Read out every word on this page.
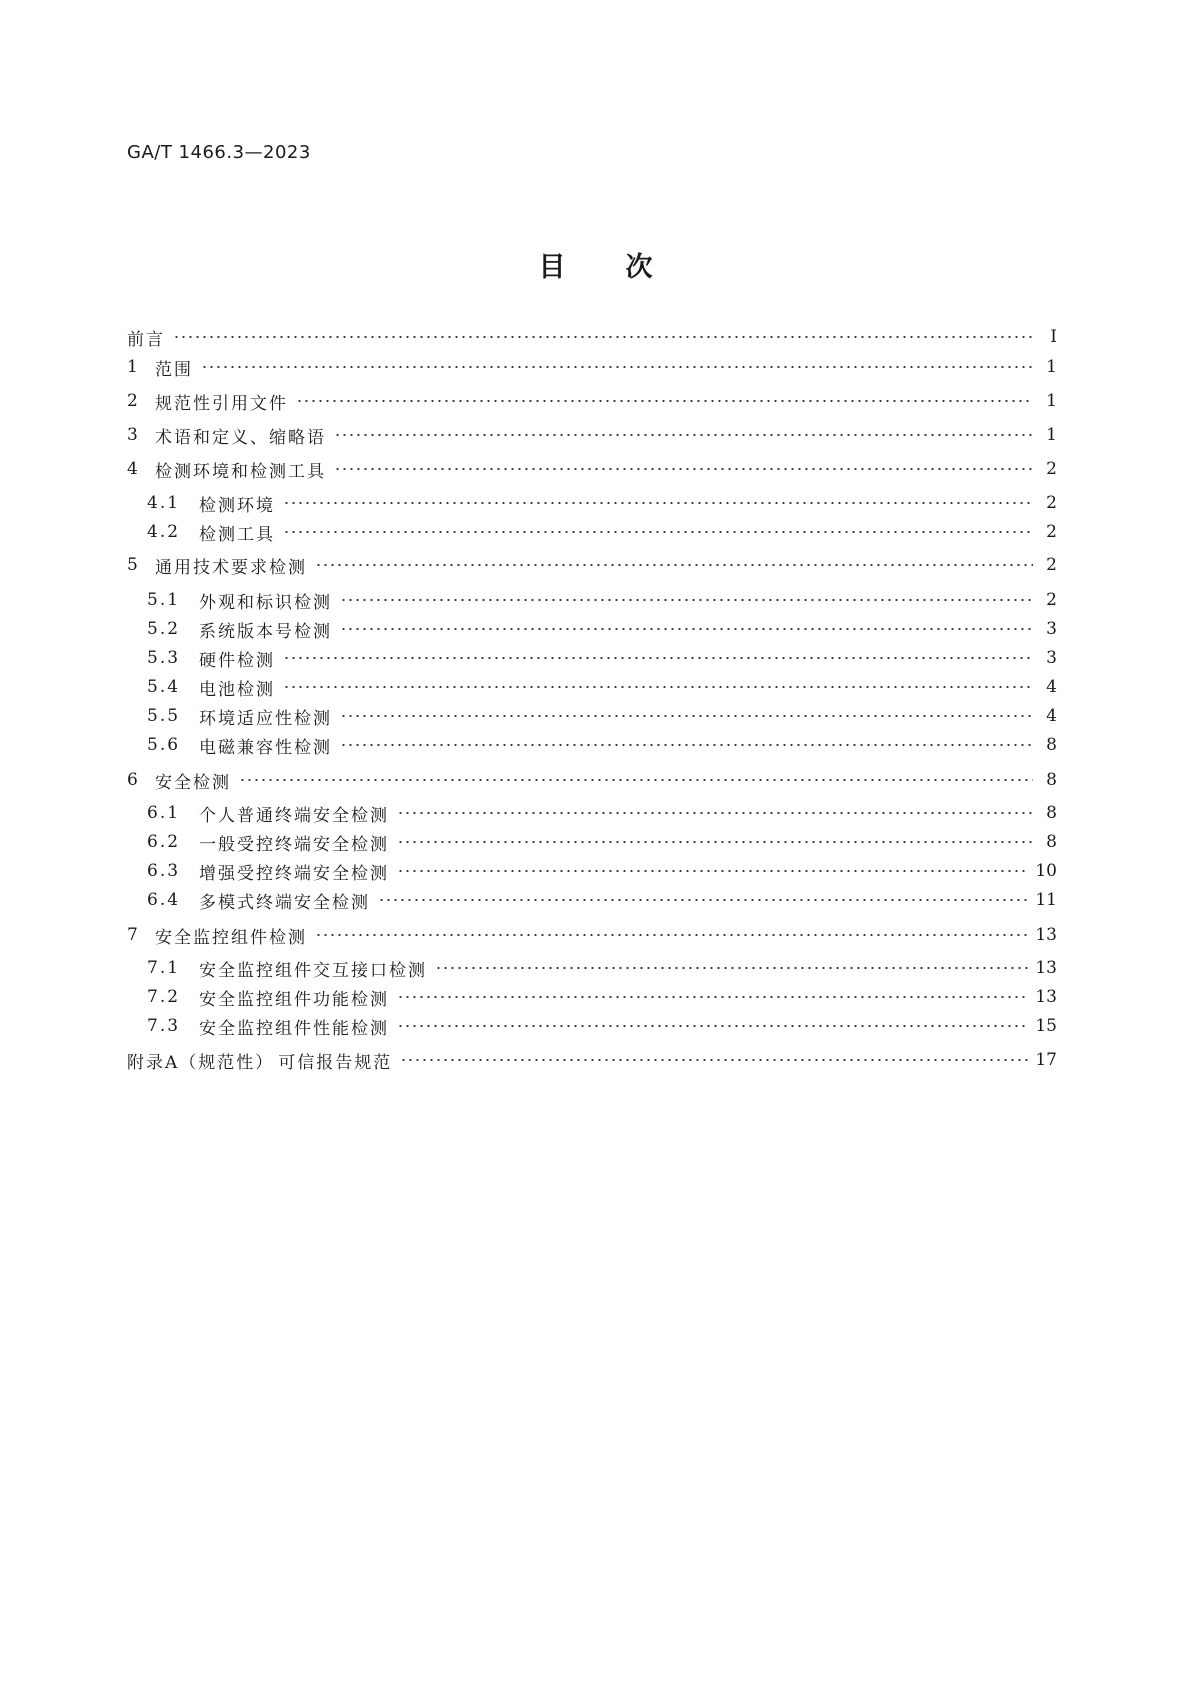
GA/T 1466.3—2023
目次
前言	Ⅰ
1 范围	1
2 规范性引用文件	1
3 术语和定义、缩略语	1
4 检测环境和检测工具	2
4.1	检测环境	2
4.2	检测工具	2
5 通用技术要求检测	2
5.1	外观和标识检测	2
5.2	系统版本号检测	3
5.3	硬件检测	3
5.4	电池检测	4
5.5	环境适应性检测	4
5.6	电磁兼容性检测	8
6 安全检测	8
6.1	个人普通终端安全检测	8
6.2	一般受控终端安全检测	8
6.3	增强受控终端安全检测	10
6.4	多模式终端安全检测	11
7 安全监控组件检测	13
7.1	安全监控组件交互接口检测	13
7.2	安全监控组件功能检测	13
7.3	安全监控组件性能检测	15
附录A（规范性） 可信报告规范	17
